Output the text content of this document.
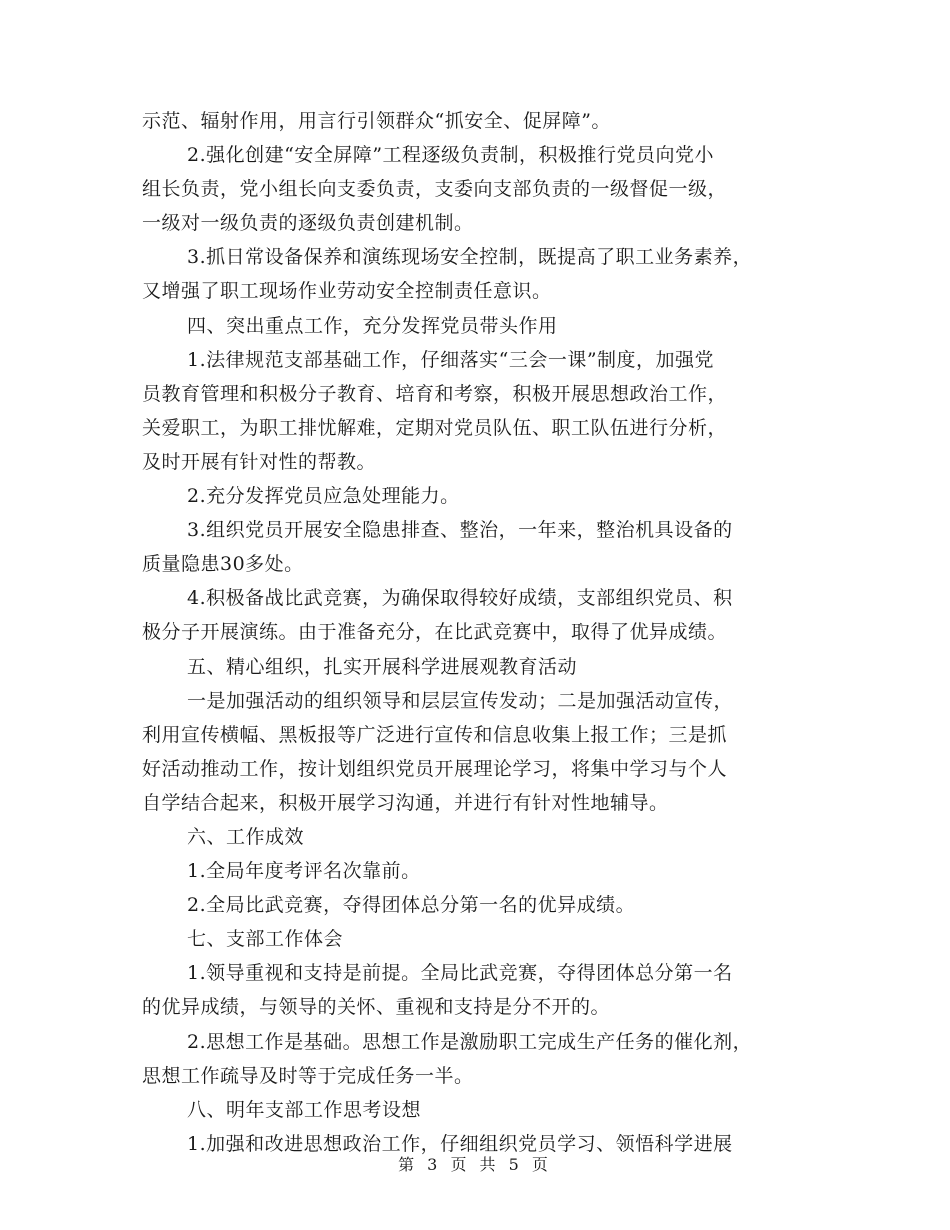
示范、辐射作用，用言行引领群众“抓安全、促屏障”。
2.强化创建“安全屏障”工程逐级负责制，积极推行党员向党小
组长负责，党小组长向支委负责，支委向支部负责的一级督促一级，
一级对一级负责的逐级负责创建机制。
3.抓日常设备保养和演练现场安全控制，既提高了职工业务素养，
又增强了职工现场作业劳动安全控制责任意识。
四、突出重点工作，充分发挥党员带头作用
1.法律规范支部基础工作，仔细落实“三会一课”制度，加强党
员教育管理和积极分子教育、培育和考察，积极开展思想政治工作，
关爱职工，为职工排忧解难，定期对党员队伍、职工队伍进行分析，
及时开展有针对性的帮教。
2.充分发挥党员应急处理能力。
3.组织党员开展安全隐患排查、整治，一年来，整治机具设备的
质量隐患30多处。
4.积极备战比武竞赛，为确保取得较好成绩，支部组织党员、积
极分子开展演练。由于准备充分，在比武竞赛中，取得了优异成绩。
五、精心组织，扎实开展科学进展观教育活动
一是加强活动的组织领导和层层宣传发动；二是加强活动宣传，
利用宣传横幅、黑板报等广泛进行宣传和信息收集上报工作；三是抓
好活动推动工作，按计划组织党员开展理论学习，将集中学习与个人
自学结合起来，积极开展学习沟通，并进行有针对性地辅导。
六、工作成效
1.全局年度考评名次靠前。
2.全局比武竞赛，夺得团体总分第一名的优异成绩。
七、支部工作体会
1.领导重视和支持是前提。全局比武竞赛，夺得团体总分第一名
的优异成绩，与领导的关怀、重视和支持是分不开的。
2.思想工作是基础。思想工作是激励职工完成生产任务的催化剂，
思想工作疏导及时等于完成任务一半。
八、明年支部工作思考设想
1.加强和改进思想政治工作，仔细组织党员学习、领悟科学进展
第 3 页 共 5 页
